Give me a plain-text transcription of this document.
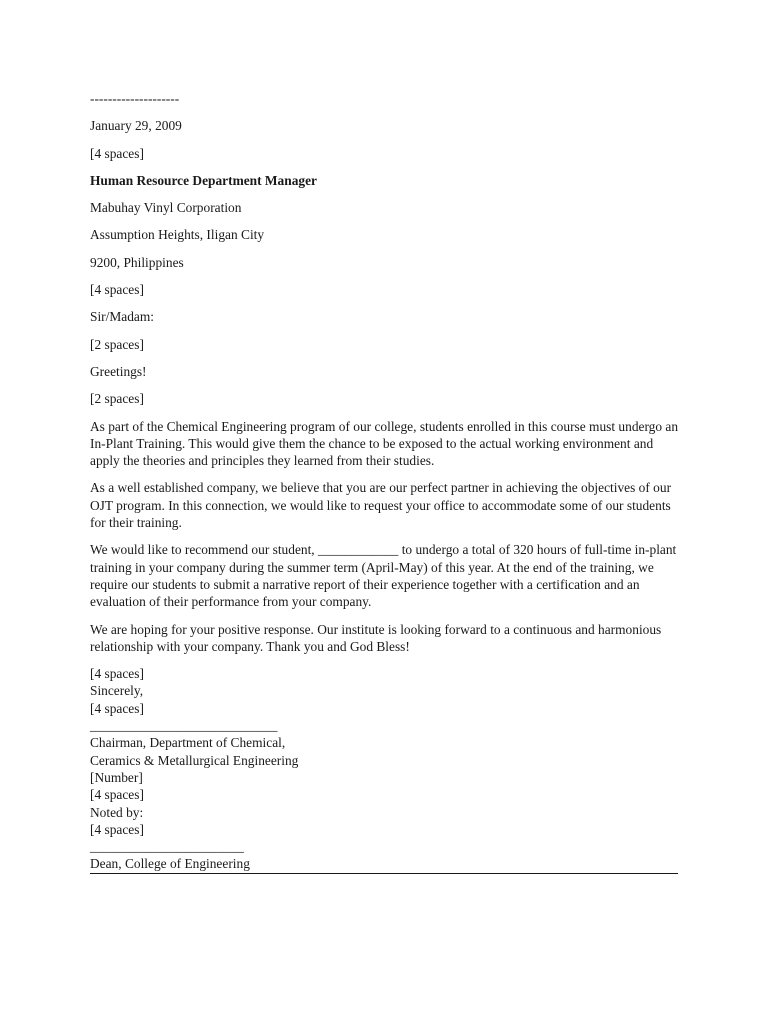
--------------------
January 29, 2009
[4 spaces]
Human Resource Department Manager
Mabuhay Vinyl Corporation
Assumption Heights, Iligan City
9200, Philippines
[4 spaces]
Sir/Madam:
[2 spaces]
Greetings!
[2 spaces]
As part of the Chemical Engineering program of our college, students enrolled in this course must undergo an In-Plant Training. This would give them the chance to be exposed to the actual working environment and apply the theories and principles they learned from their studies.
As a well established company, we believe that you are our perfect partner in achieving the objectives of our OJT program. In this connection, we would like to request your office to accommodate some of our students for their training.
We would like to recommend our student, ____________ to undergo a total of 320 hours of full-time in-plant training in your company during the summer term (April-May) of this year. At the end of the training, we require our students to submit a narrative report of their experience together with a certification and an evaluation of their performance from your company.
We are hoping for your positive response. Our institute is looking forward to a continuous and harmonious relationship with your company. Thank you and God Bless!
[4 spaces]
Sincerely,
[4 spaces]
____________________________
Chairman, Department of Chemical,
Ceramics & Metallurgical Engineering
[Number]
[4 spaces]
Noted by:
[4 spaces]
_______________________
Dean, College of Engineering
